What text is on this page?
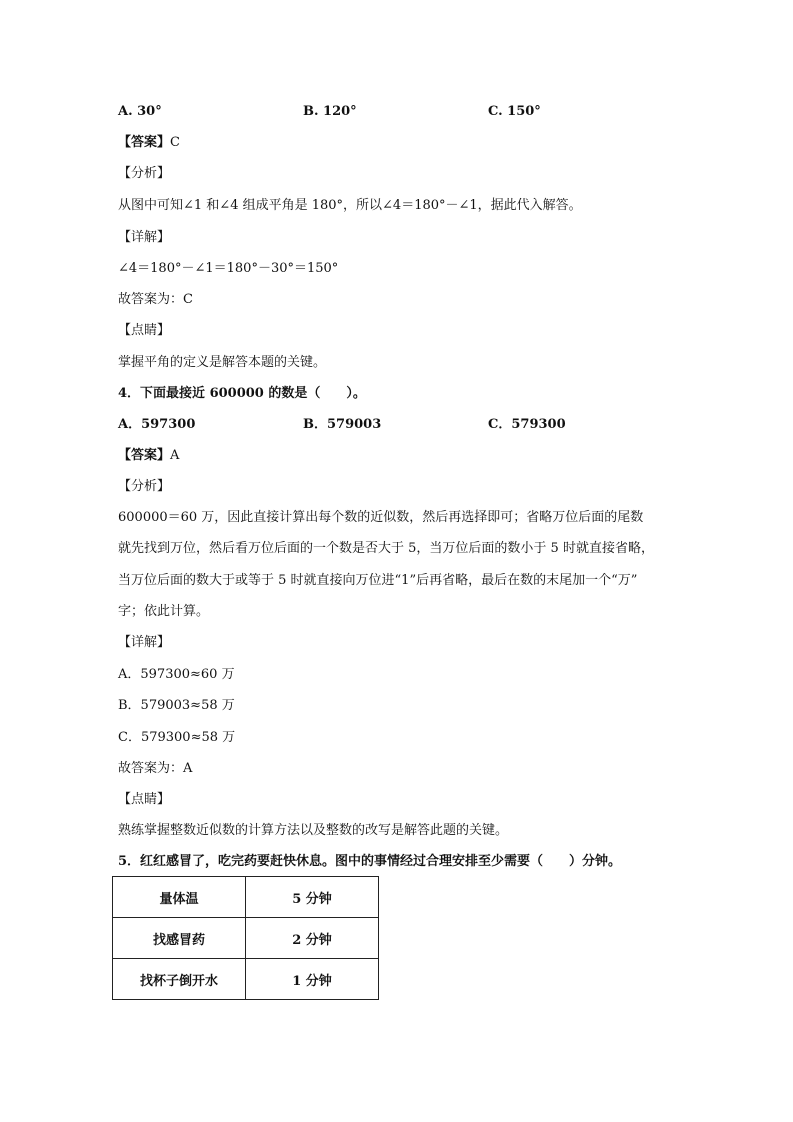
A. 30°	B. 120°	C. 150°
【答案】C
【分析】
从图中可知∠1 和∠4 组成平角是 180°，所以∠4＝180°－∠1，据此代入解答。
【详解】
∠4＝180°－∠1＝180°－30°＝150°
故答案为：C
【点睛】
掌握平角的定义是解答本题的关键。
4．下面最接近 600000 的数是（　　）。
A．597300	B．579003	C．579300
【答案】A
【分析】
600000＝60 万，因此直接计算出每个数的近似数，然后再选择即可；省略万位后面的尾数
就先找到万位，然后看万位后面的一个数是否大于 5，当万位后面的数小于 5 时就直接省略，
当万位后面的数大于或等于 5 时就直接向万位进“1”后再省略，最后在数的末尾加一个“万”
字；依此计算。
【详解】
A．597300≈60 万
B．579003≈58 万
C．579300≈58 万
故答案为：A
【点睛】
熟练掌握整数近似数的计算方法以及整数的改写是解答此题的关键。
5．红红感冒了，吃完药要赶快休息。图中的事情经过合理安排至少需要（　　）分钟。
量体温	5 分钟
找感冒药	2 分钟
找杯子倒开水	1 分钟
